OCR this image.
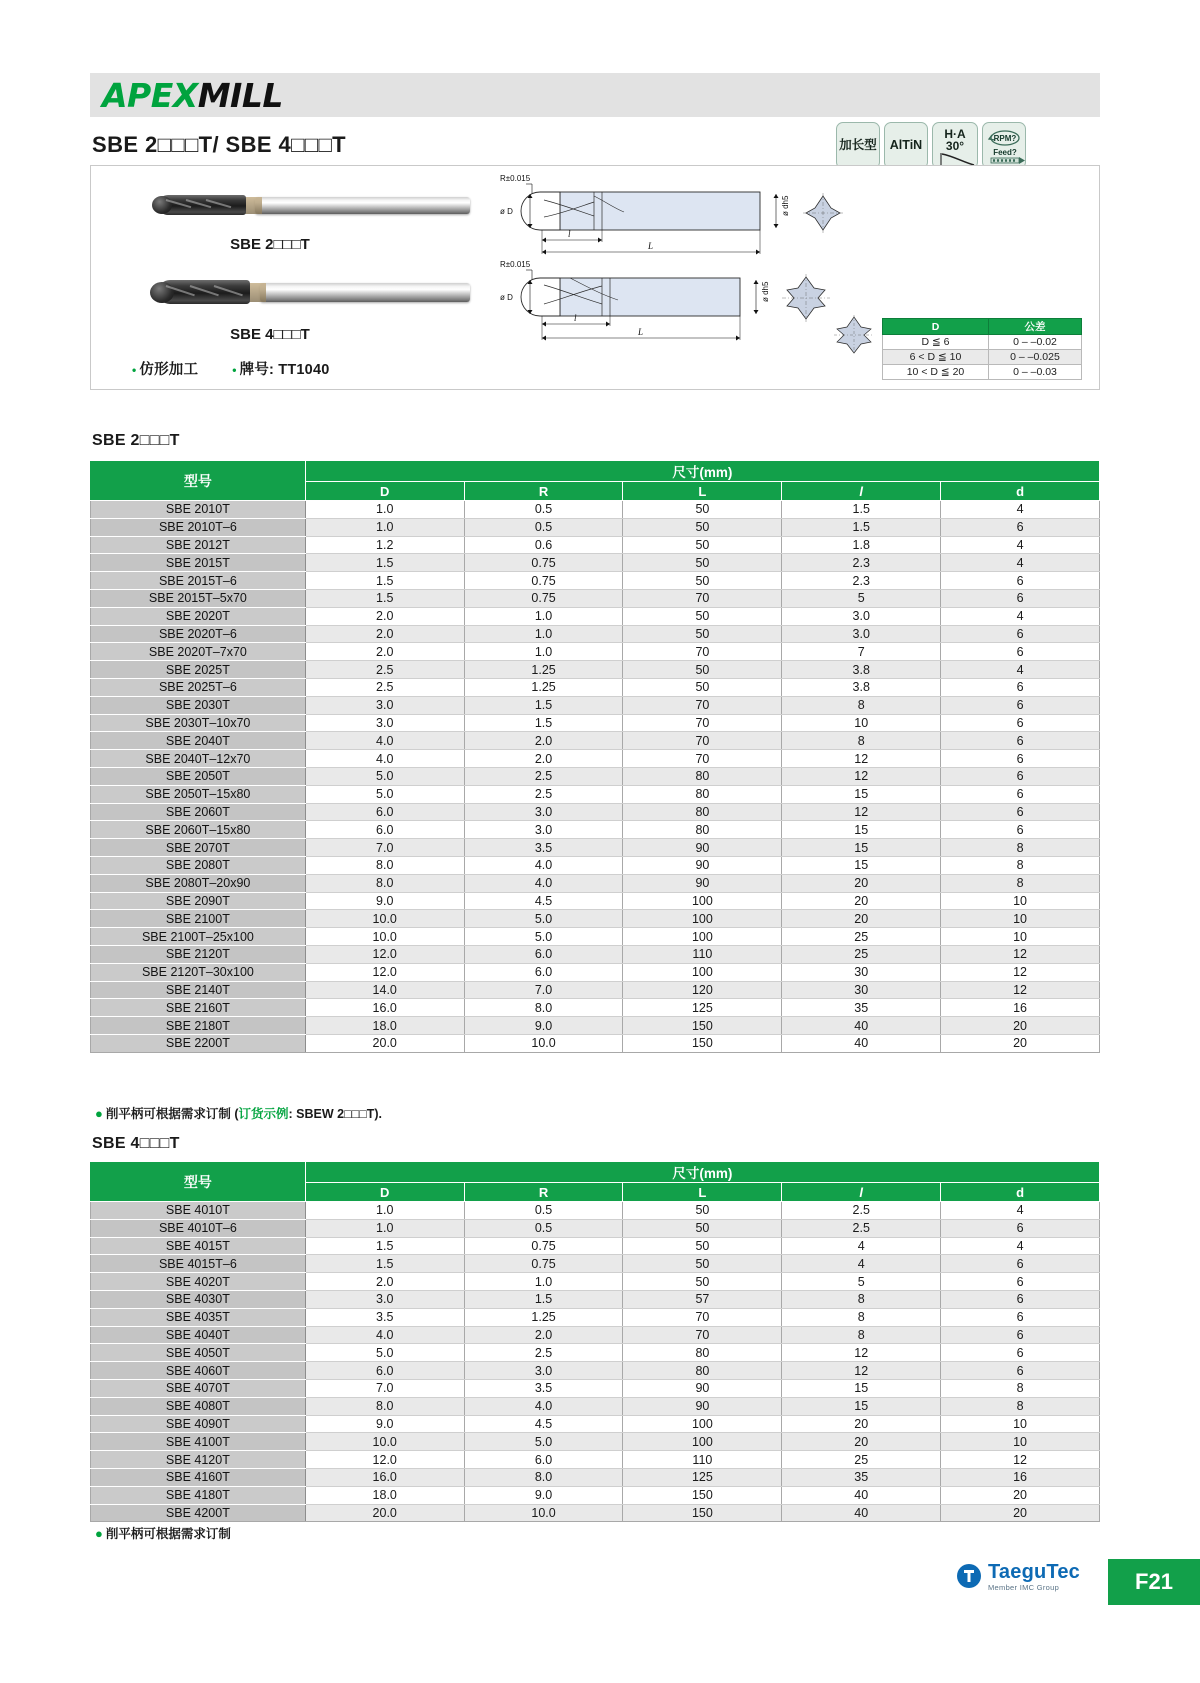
APEXMILL
SBE 2□□□T/ SBE 4□□□T	加长型 AlTiN
H·A
30°
RPM?
Feed?
SBE 2□□□T
SBE 4□□□T
• 仿形加工	• 牌号: TT1040
R±0.015
ø D	ø dh5
l
L
R±0.015
ø D	ø dh5
l
L	D	公差
D ≦ 6	0 – –0.02
6 < D ≦ 10	0 – –0.025
10 < D ≦ 20	0 – –0.03
SBE 2□□□T
型号	尺寸(mm)				
	D	R	L	l	d
SBE 2010T	1.0	0.5	50	1.5	4
SBE 2010T–6	1.0	0.5	50	1.5	6
SBE 2012T	1.2	0.6	50	1.8	4
SBE 2015T	1.5	0.75	50	2.3	4
SBE 2015T–6	1.5	0.75	50	2.3	6
SBE 2015T–5x70	1.5	0.75	70	5	6
SBE 2020T	2.0	1.0	50	3.0	4
SBE 2020T–6	2.0	1.0	50	3.0	6
SBE 2020T–7x70	2.0	1.0	70	7	6
SBE 2025T	2.5	1.25	50	3.8	4
SBE 2025T–6	2.5	1.25	50	3.8	6
SBE 2030T	3.0	1.5	70	8	6
SBE 2030T–10x70	3.0	1.5	70	10	6
SBE 2040T	4.0	2.0	70	8	6
SBE 2040T–12x70	4.0	2.0	70	12	6
SBE 2050T	5.0	2.5	80	12	6
SBE 2050T–15x80	5.0	2.5	80	15	6
SBE 2060T	6.0	3.0	80	12	6
SBE 2060T–15x80	6.0	3.0	80	15	6
SBE 2070T	7.0	3.5	90	15	8
SBE 2080T	8.0	4.0	90	15	8
SBE 2080T–20x90	8.0	4.0	90	20	8
SBE 2090T	9.0	4.5	100	20	10
SBE 2100T	10.0	5.0	100	20	10
SBE 2100T–25x100	10.0	5.0	100	25	10
SBE 2120T	12.0	6.0	110	25	12
SBE 2120T–30x100	12.0	6.0	100	30	12
SBE 2140T	14.0	7.0	120	30	12
SBE 2160T	16.0	8.0	125	35	16
SBE 2180T	18.0	9.0	150	40	20
SBE 2200T	20.0	10.0	150	40	20
● 削平柄可根据需求订制 (订货示例: SBEW 2□□□T).
SBE 4□□□T
型号	尺寸(mm)				
	D	R	L	l	d
SBE 4010T	1.0	0.5	50	2.5	4
SBE 4010T–6	1.0	0.5	50	2.5	6
SBE 4015T	1.5	0.75	50	4	4
SBE 4015T–6	1.5	0.75	50	4	6
SBE 4020T	2.0	1.0	50	5	6
SBE 4030T	3.0	1.5	57	8	6
SBE 4035T	3.5	1.25	70	8	6
SBE 4040T	4.0	2.0	70	8	6
SBE 4050T	5.0	2.5	80	12	6
SBE 4060T	6.0	3.0	80	12	6
SBE 4070T	7.0	3.5	90	15	8
SBE 4080T	8.0	4.0	90	15	8
SBE 4090T	9.0	4.5	100	20	10
SBE 4100T	10.0	5.0	100	20	10
SBE 4120T	12.0	6.0	110	25	12
SBE 4160T	16.0	8.0	125	35	16
SBE 4180T	18.0	9.0	150	40	20
SBE 4200T	20.0	10.0	150	40	20
● 削平柄可根据需求订制
TaeguTec
Member IMC Group	F21
